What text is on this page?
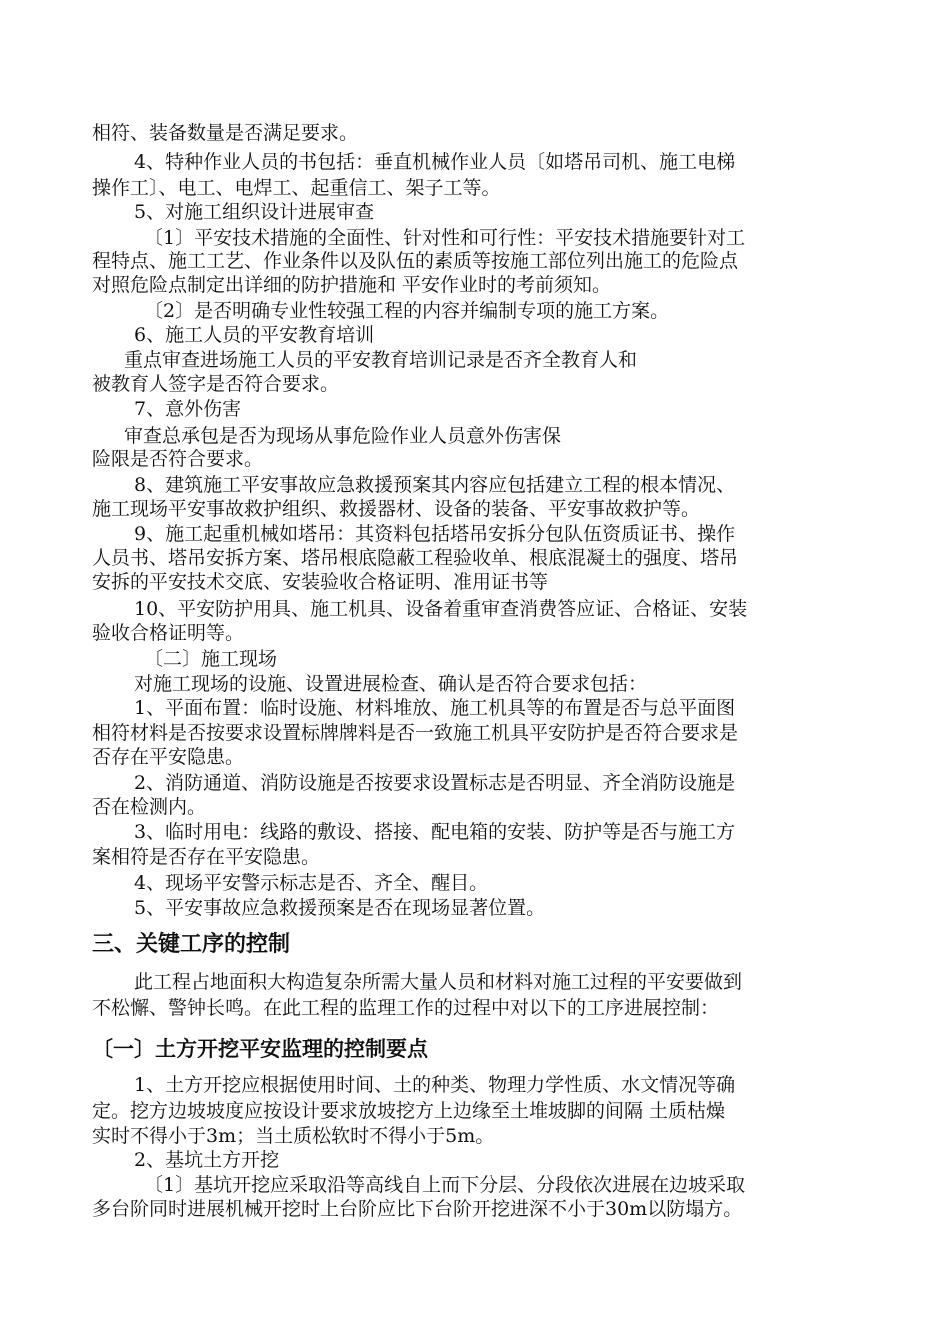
相符、装备数量是否满足要求。
4、特种作业人员的书包括：垂直机械作业人员〔如塔吊司机、施工电梯
操作工〕、电工、电焊工、起重信工、架子工等。
5、对施工组织设计进展审查
〔1〕平安技术措施的全面性、针对性和可行性：平安技术措施要针对工
程特点、施工工艺、作业条件以及队伍的素质等按施工部位列出施工的危险点
对照危险点制定出详细的防护措施和 平安作业时的考前须知。
〔2〕是否明确专业性较强工程的内容并编制专项的施工方案。
6、施工人员的平安教育培训
重点审查进场施工人员的平安教育培训记录是否齐全教育人和
被教育人签字是否符合要求。
7、意外伤害
审查总承包是否为现场从事危险作业人员意外伤害保
险限是否符合要求。
8、建筑施工平安事故应急救援预案其内容应包括建立工程的根本情况、
施工现场平安事故救护组织、救援器材、设备的装备、平安事故救护等。
9、施工起重机械如塔吊：其资料包括塔吊安拆分包队伍资质证书、操作
人员书、塔吊安拆方案、塔吊根底隐蔽工程验收单、根底混凝土的强度、塔吊
安拆的平安技术交底、安装验收合格证明、准用证书等
10、平安防护用具、施工机具、设备着重审查消费答应证、合格证、安装
验收合格证明等。
〔二〕施工现场
对施工现场的设施、设置进展检查、确认是否符合要求包括：
1、平面布置：临时设施、材料堆放、施工机具等的布置是否与总平面图
相符材料是否按要求设置标牌牌料是否一致施工机具平安防护是否符合要求是
否存在平安隐患。
2、消防通道、消防设施是否按要求设置标志是否明显、齐全消防设施是
否在检测内。
3、临时用电：线路的敷设、搭接、配电箱的安装、防护等是否与施工方
案相符是否存在平安隐患。
4、现场平安警示标志是否、齐全、醒目。
5、平安事故应急救援预案是否在现场显著位置。
三、关键工序的控制
此工程占地面积大构造复杂所需大量人员和材料对施工过程的平安要做到
不松懈、警钟长鸣。在此工程的监理工作的过程中对以下的工序进展控制：
〔一〕土方开挖平安监理的控制要点
1、土方开挖应根据使用时间、土的种类、物理力学性质、水文情况等确
定。挖方边坡坡度应按设计要求放坡挖方上边缘至土堆坡脚的间隔 土质枯燥
实时不得小于3m；当土质松软时不得小于5m。
2、基坑土方开挖
〔1〕基坑开挖应采取沿等高线自上而下分层、分段依次进展在边坡采取
多台阶同时进展机械开挖时上台阶应比下台阶开挖进深不小于30m以防塌方。
